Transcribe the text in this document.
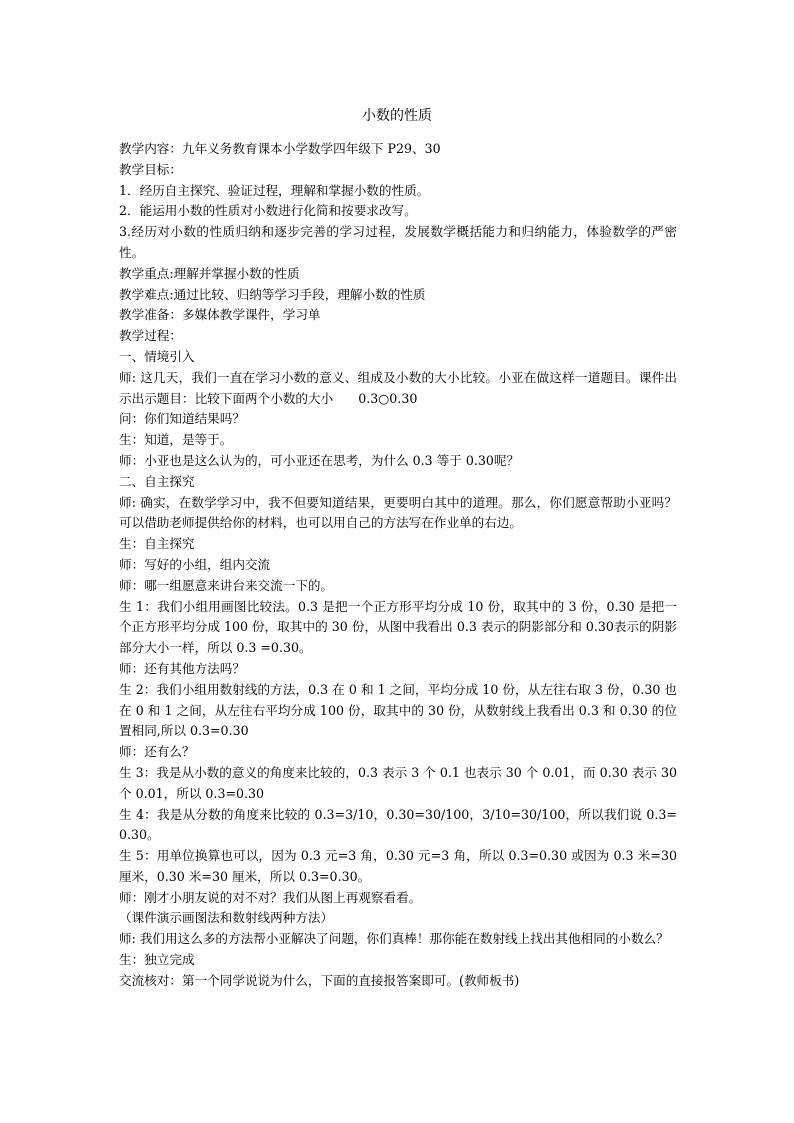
小数的性质

教学内容：九年义务教育课本小学数学四年级下 P29、30

教学目标：

1．经历自主探究、验证过程，理解和掌握小数的性质。

2．能运用小数的性质对小数进行化简和按要求改写。

3.经历对小数的性质归纳和逐步完善的学习过程，发展数学概括能力和归纳能力，体验数学的严密性。

教学重点:理解并掌握小数的性质

教学难点:通过比较、归纳等学习手段，理解小数的性质

教学准备：多媒体教学课件，学习单

教学过程：

一、情境引入

师: 这几天，我们一直在学习小数的意义、组成及小数的大小比较。小亚在做这样一道题目。课件出示出示题目：比较下面两个小数的大小　　0.3○0.30

问：你们知道结果吗？

生：知道，是等于。

师：小亚也是这么认为的，可小亚还在思考，为什么 0.3 等于 0.30呢？

二、自主探究

师: 确实，在数学学习中，我不但要知道结果，更要明白其中的道理。那么，你们愿意帮助小亚吗？可以借助老师提供给你的材料，也可以用自己的方法写在作业单的右边。

生：自主探究

师：写好的小组，组内交流

师：哪一组愿意来讲台来交流一下的。

生 1：我们小组用画图比较法。0.3 是把一个正方形平均分成 10 份，取其中的 3 份，0.30 是把一个正方形平均分成 100 份，取其中的 30 份，从图中我看出 0.3 表示的阴影部分和 0.30表示的阴影部分大小一样，所以 0.3 =0.30。

师：还有其他方法吗？

生 2：我们小组用数射线的方法，0.3 在 0 和 1 之间，平均分成 10 份，从左往右取 3 份，0.30 也在 0 和 1 之间，从左往右平均分成 100 份，取其中的 30 份，从数射线上我看出 0.3 和 0.30 的位置相同,所以 0.3=0.30

师：还有么？

生 3：我是从小数的意义的角度来比较的，0.3 表示 3 个 0.1 也表示 30 个 0.01，而 0.30 表示 30 个 0.01，所以 0.3=0.30

生 4：我是从分数的角度来比较的 0.3=3/10，0.30=30/100，3/10=30/100，所以我们说 0.3=0.30。

生 5：用单位换算也可以，因为 0.3 元=3 角，0.30 元=3 角，所以 0.3=0.30 或因为 0.3 米=30 厘米，0.30 米=30 厘米，所以 0.3=0.30。

师：刚才小朋友说的对不对？我们从图上再观察看看。

（课件演示画图法和数射线两种方法）

师: 我们用这么多的方法帮小亚解决了问题，你们真棒！那你能在数射线上找出其他相同的小数么？

生：独立完成

交流核对：第一个同学说说为什么，下面的直接报答案即可。(教师板书)
